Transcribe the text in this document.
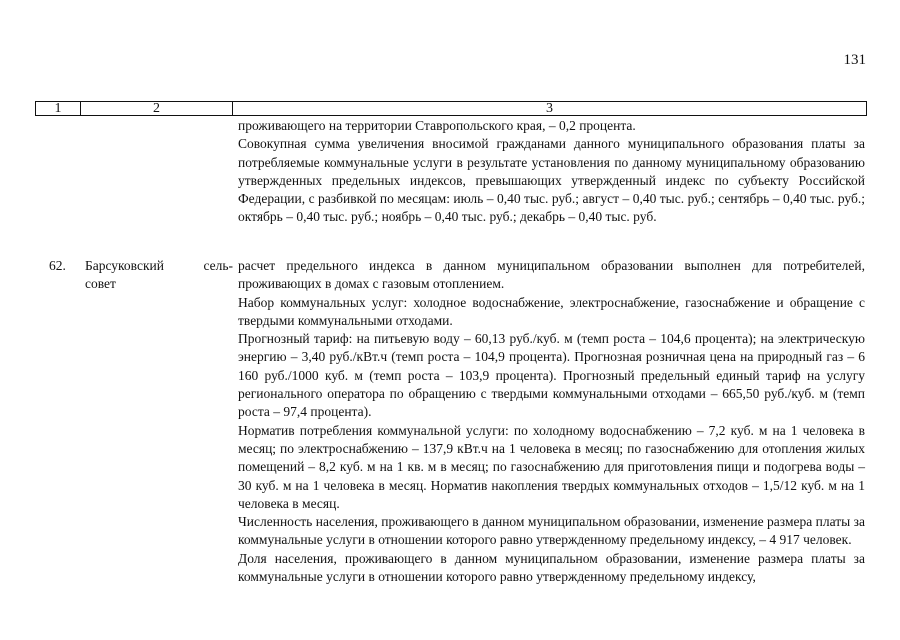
131
1	2	3

проживающего на территории Ставропольского края, – 0,2 процента.

Совокупная сумма увеличения вносимой гражданами данного муниципального образования платы за потребляемые коммунальные услуги в результате установления по данному муниципальному образованию утвержденных предельных индексов, превышающих утвержденный индекс по субъекту Российской Федерации, с разбивкой по месяцам: июль – 0,40 тыс. руб.; август – 0,40 тыс. руб.; сентябрь – 0,40 тыс. руб.; октябрь – 0,40 тыс. руб.; ноябрь – 0,40 тыс. руб.; декабрь – 0,40 тыс. руб.

62. Барсуковский сель-
совет

расчет предельного индекса в данном муниципальном образовании выполнен для потребителей, проживающих в домах с газовым отоплением.

Набор коммунальных услуг: холодное водоснабжение, электроснабжение, газоснабжение и обращение с твердыми коммунальными отходами.

Прогнозный тариф: на питьевую воду – 60,13 руб./куб. м (темп роста – 104,6 процента); на электрическую энергию – 3,40 руб./кВт.ч (темп роста – 104,9 процента). Прогнозная розничная цена на природный газ – 6 160 руб./1000 куб. м (темп роста – 103,9 процента). Прогнозный предельный единый тариф на услугу регионального оператора по обращению с твердыми коммунальными отходами – 665,50 руб./куб. м (темп роста – 97,4 процента).

Норматив потребления коммунальной услуги: по холодному водоснабжению – 7,2 куб. м на 1 человека в месяц; по электроснабжению – 137,9 кВт.ч на 1 человека в месяц; по газоснабжению для отопления жилых помещений – 8,2 куб. м на 1 кв. м в месяц; по газоснабжению для приготовления пищи и подогрева воды – 30 куб. м на 1 человека в месяц. Норматив накопления твердых коммунальных отходов – 1,5/12 куб. м на 1 человека в месяц.

Численность населения, проживающего в данном муниципальном образовании, изменение размера платы за коммунальные услуги в отношении которого равно утвержденному предельному индексу, – 4 917 человек.

Доля населения, проживающего в данном муниципальном образовании, изменение размера платы за коммунальные услуги в отношении которого равно утвержденному предельному индексу,
